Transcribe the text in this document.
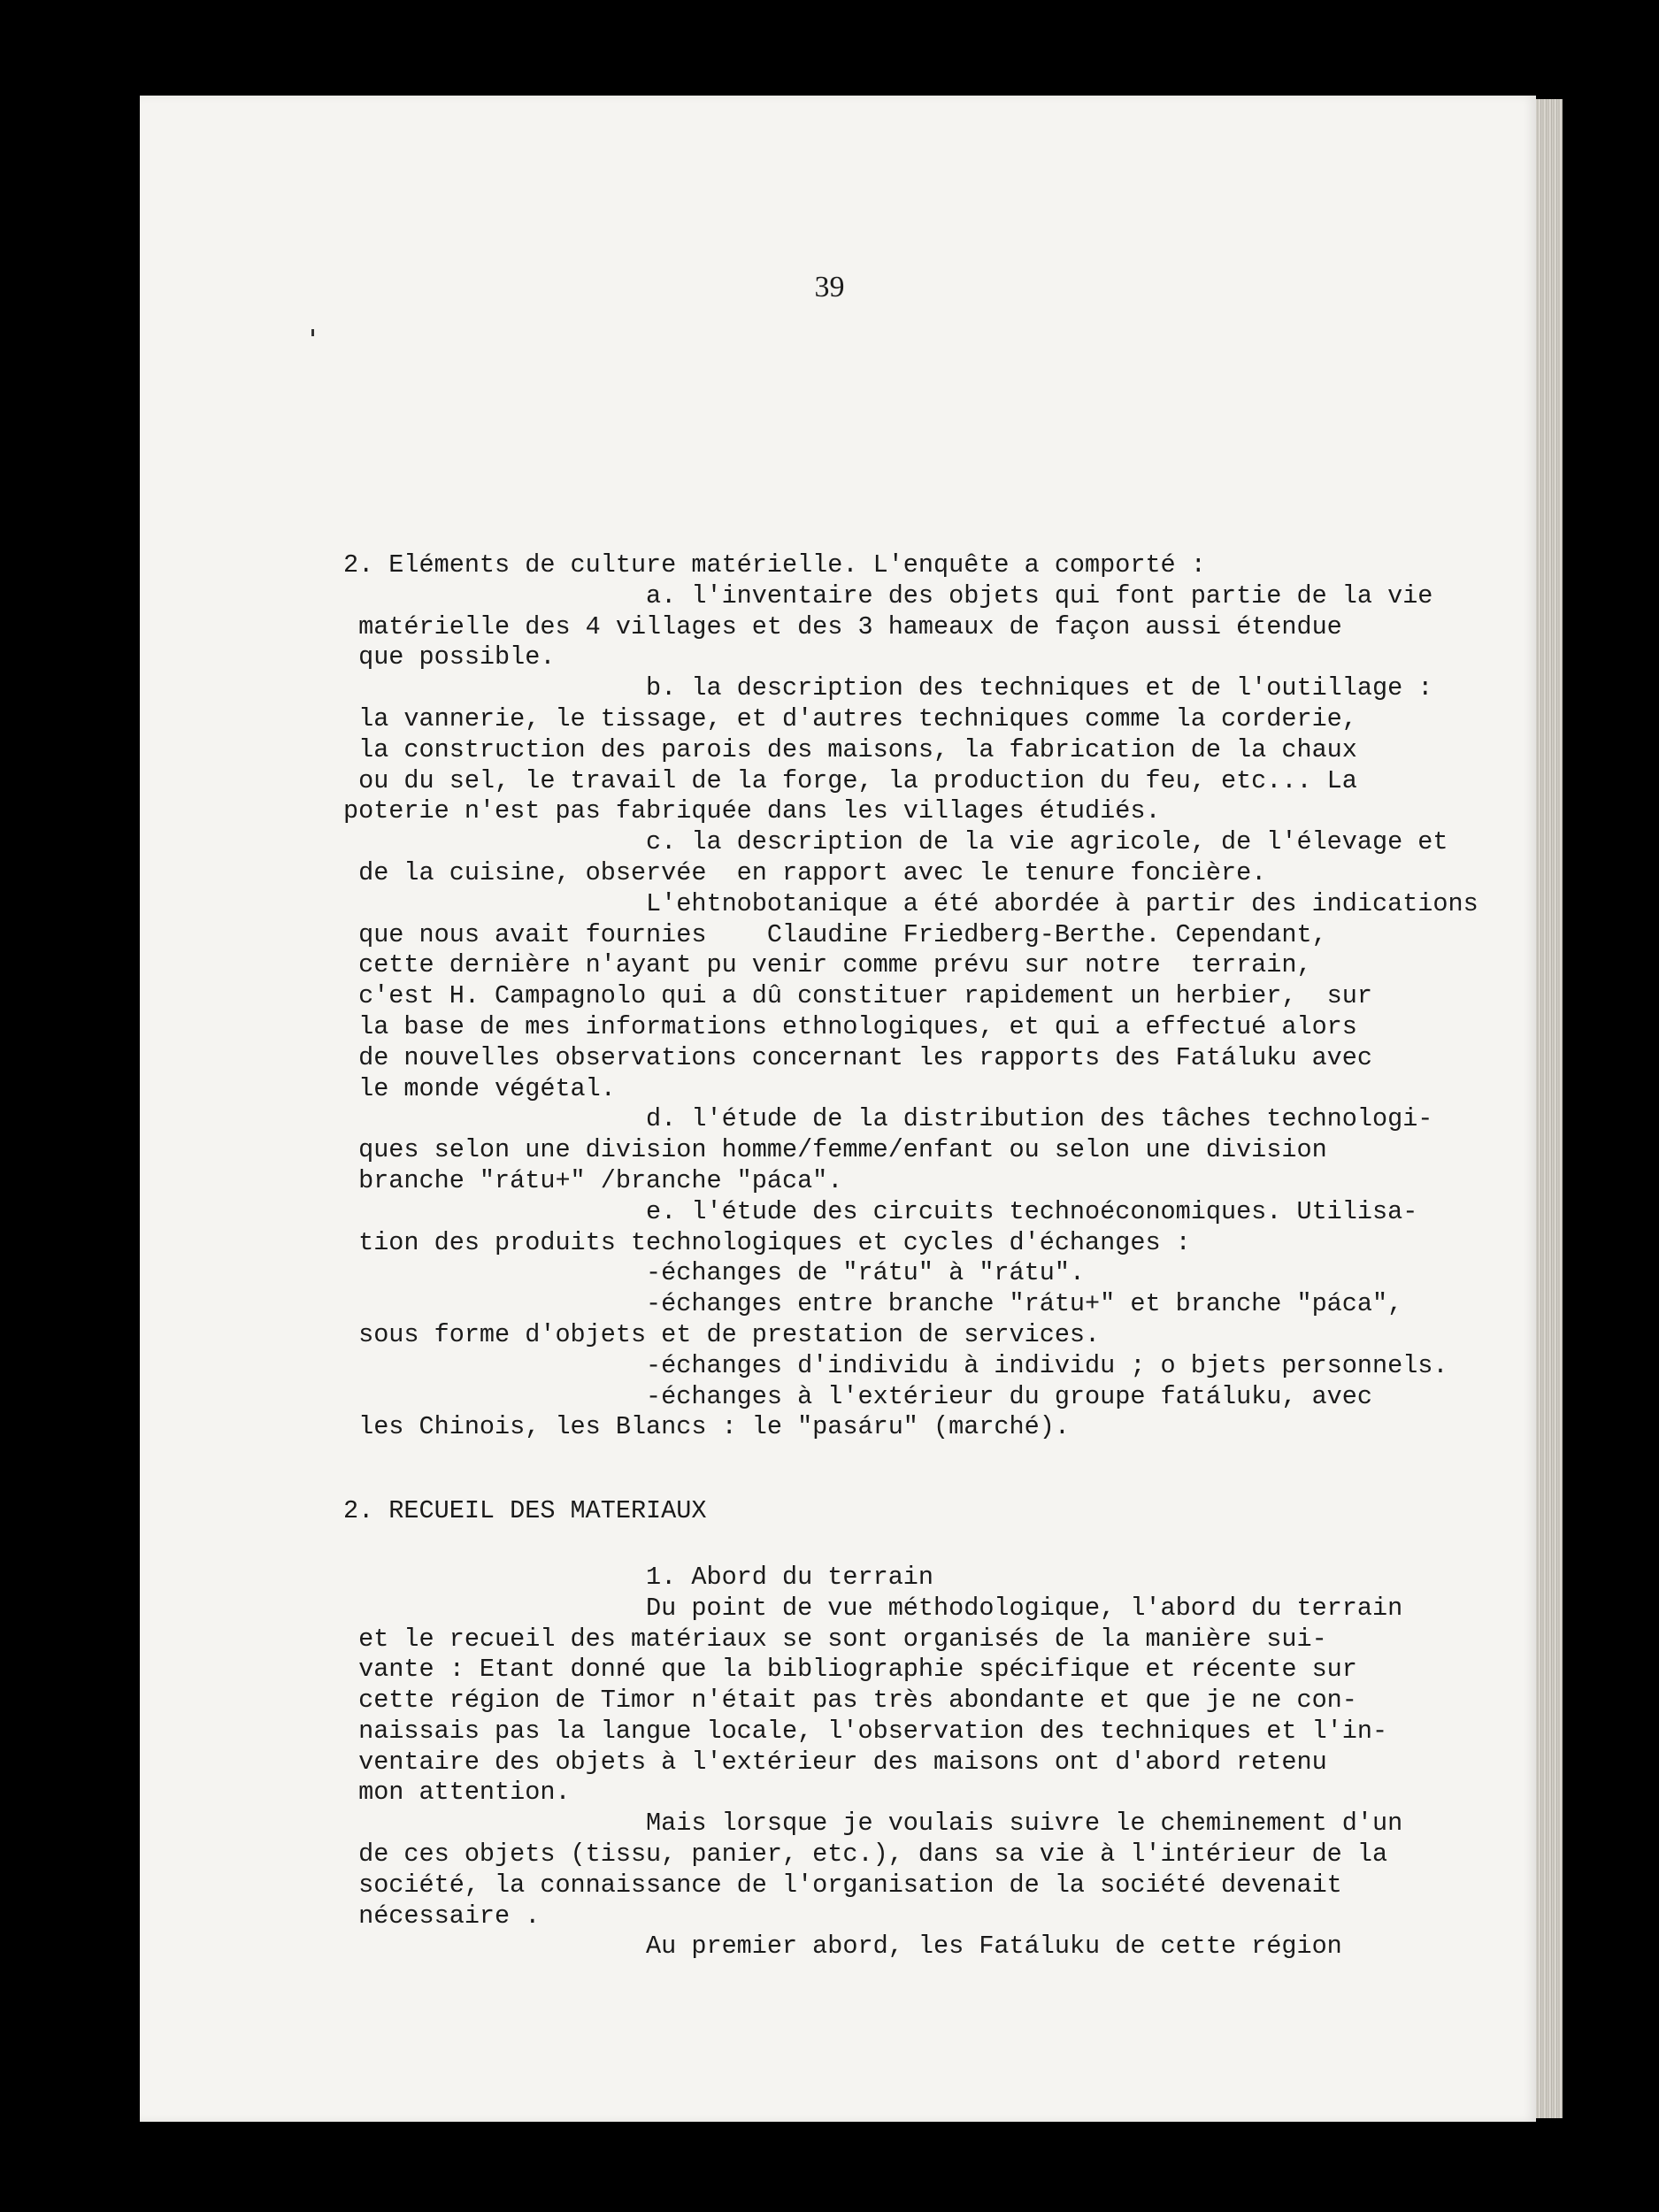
39
2. Eléments de culture matérielle. L'enquête a comporté :
a. l'inventaire des objets qui font partie de la vie
matérielle des 4 villages et des 3 hameaux de façon aussi étendue
que possible.
b. la description des techniques et de l'outillage :
la vannerie, le tissage, et d'autres techniques comme la corderie,
la construction des parois des maisons, la fabrication de la chaux
ou du sel, le travail de la forge, la production du feu, etc... La
poterie n'est pas fabriquée dans les villages étudiés.
c. la description de la vie agricole, de l'élevage et
de la cuisine, observée  en rapport avec le tenure foncière.
L'ehtnobotanique a été abordée à partir des indications
que nous avait fournies    Claudine Friedberg-Berthe. Cependant,
cette dernière n'ayant pu venir comme prévu sur notre  terrain,
c'est H. Campagnolo qui a dû constituer rapidement un herbier,  sur
la base de mes informations ethnologiques, et qui a effectué alors
de nouvelles observations concernant les rapports des Fatáluku avec
le monde végétal.
d. l'étude de la distribution des tâches technologi-
ques selon une division homme/femme/enfant ou selon une division
branche "rátu+" /branche "páca".
e. l'étude des circuits technoéconomiques. Utilisa-
tion des produits technologiques et cycles d'échanges :
-échanges de "rátu" à "rátu".
-échanges entre branche "rátu+" et branche "páca",
sous forme d'objets et de prestation de services.
-échanges d'individu à individu ; o bjets personnels.
-échanges à l'extérieur du groupe fatáluku, avec
les Chinois, les Blancs : le "pasáru" (marché).
2. RECUEIL DES MATERIAUX
1. Abord du terrain
Du point de vue méthodologique, l'abord du terrain
et le recueil des matériaux se sont organisés de la manière sui-
vante : Etant donné que la bibliographie spécifique et récente sur
cette région de Timor n'était pas très abondante et que je ne con-
naissais pas la langue locale, l'observation des techniques et l'in-
ventaire des objets à l'extérieur des maisons ont d'abord retenu
mon attention.
Mais lorsque je voulais suivre le cheminement d'un
de ces objets (tissu, panier, etc.), dans sa vie à l'intérieur de la
société, la connaissance de l'organisation de la société devenait
nécessaire .
Au premier abord, les Fatáluku de cette région
